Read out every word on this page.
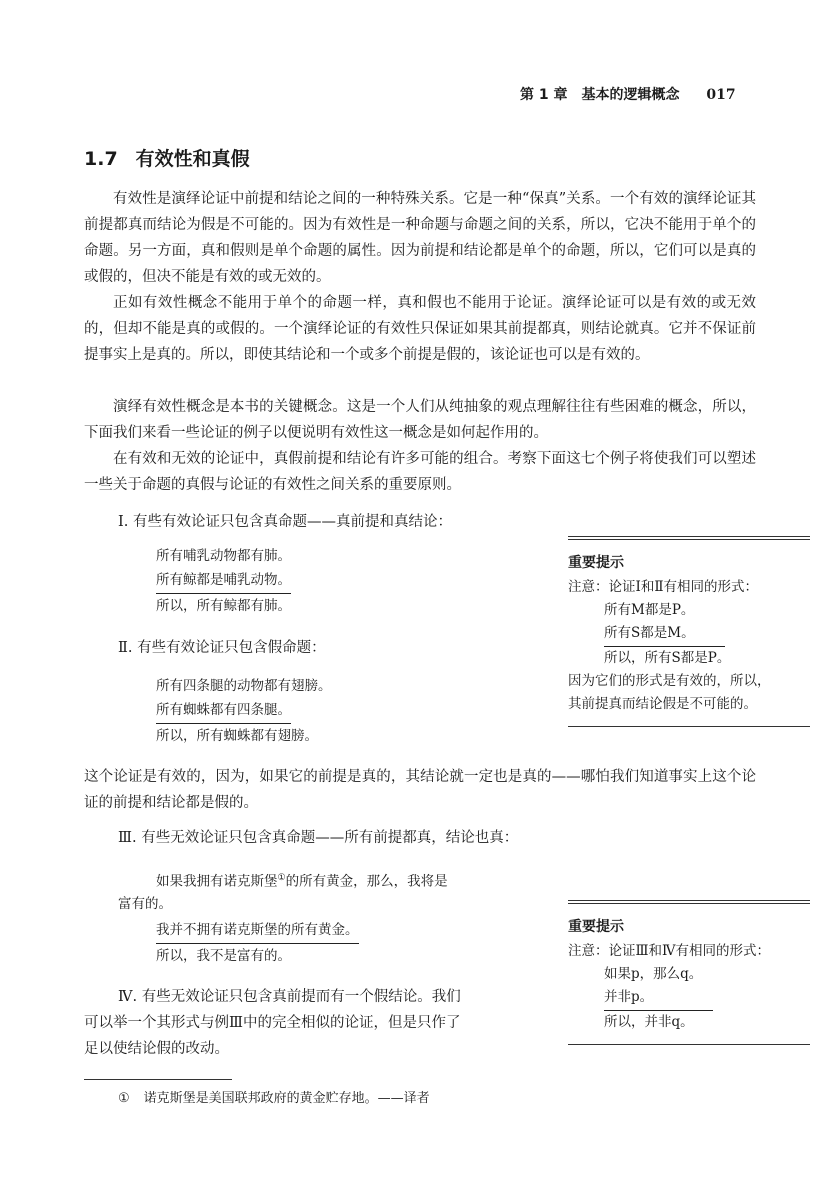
第 1 章　基本的逻辑概念 017
1.7 有效性和真假
有效性是演绎论证中前提和结论之间的一种特殊关系。它是一种“保真”关系。一个有效的演绎论证其前提都真而结论为假是不可能的。因为有效性是一种命题与命题之间的关系，所以，它决不能用于单个的命题。另一方面，真和假则是单个命题的属性。因为前提和结论都是单个的命题，所以，它们可以是真的或假的，但决不能是有效的或无效的。
正如有效性概念不能用于单个的命题一样，真和假也不能用于论证。演绎论证可以是有效的或无效的，但却不能是真的或假的。一个演绎论证的有效性只保证如果其前提都真，则结论就真。它并不保证前提事实上是真的。所以，即使其结论和一个或多个前提是假的，该论证也可以是有效的。
演绎有效性概念是本书的关键概念。这是一个人们从纯抽象的观点理解往往有些困难的概念，所以，下面我们来看一些论证的例子以便说明有效性这一概念是如何起作用的。
在有效和无效的论证中，真假前提和结论有许多可能的组合。考察下面这七个例子将使我们可以塑述一些关于命题的真假与论证的有效性之间关系的重要原则。
Ⅰ. 有些有效论证只包含真命题——真前提和真结论：
所有哺乳动物都有肺。
所有鲸都是哺乳动物。
所以，所有鲸都有肺。
Ⅱ. 有些有效论证只包含假命题：
所有四条腿的动物都有翅膀。
所有蜘蛛都有四条腿。
所以，所有蜘蛛都有翅膀。
重要提示
注意：论证Ⅰ和Ⅱ有相同的形式：
所有M都是P。
所有S都是M。
所以，所有S都是P。
因为它们的形式是有效的，所以，
其前提真而结论假是不可能的。
这个论证是有效的，因为，如果它的前提是真的，其结论就一定也是真的——哪怕我们知道事实上这个论证的前提和结论都是假的。
Ⅲ. 有些无效论证只包含真命题——所有前提都真，结论也真：
如果我拥有诺克斯堡①的所有黄金，那么，我将是
富有的。
我并不拥有诺克斯堡的所有黄金。
所以，我不是富有的。
Ⅳ. 有些无效论证只包含真前提而有一个假结论。我们
可以举一个其形式与例Ⅲ中的完全相似的论证，但是只作了
足以使结论假的改动。
重要提示
注意：论证Ⅲ和Ⅳ有相同的形式：
如果p，那么q。
并非p。
所以，并非q。
① 诺克斯堡是美国联邦政府的黄金贮存地。——译者
